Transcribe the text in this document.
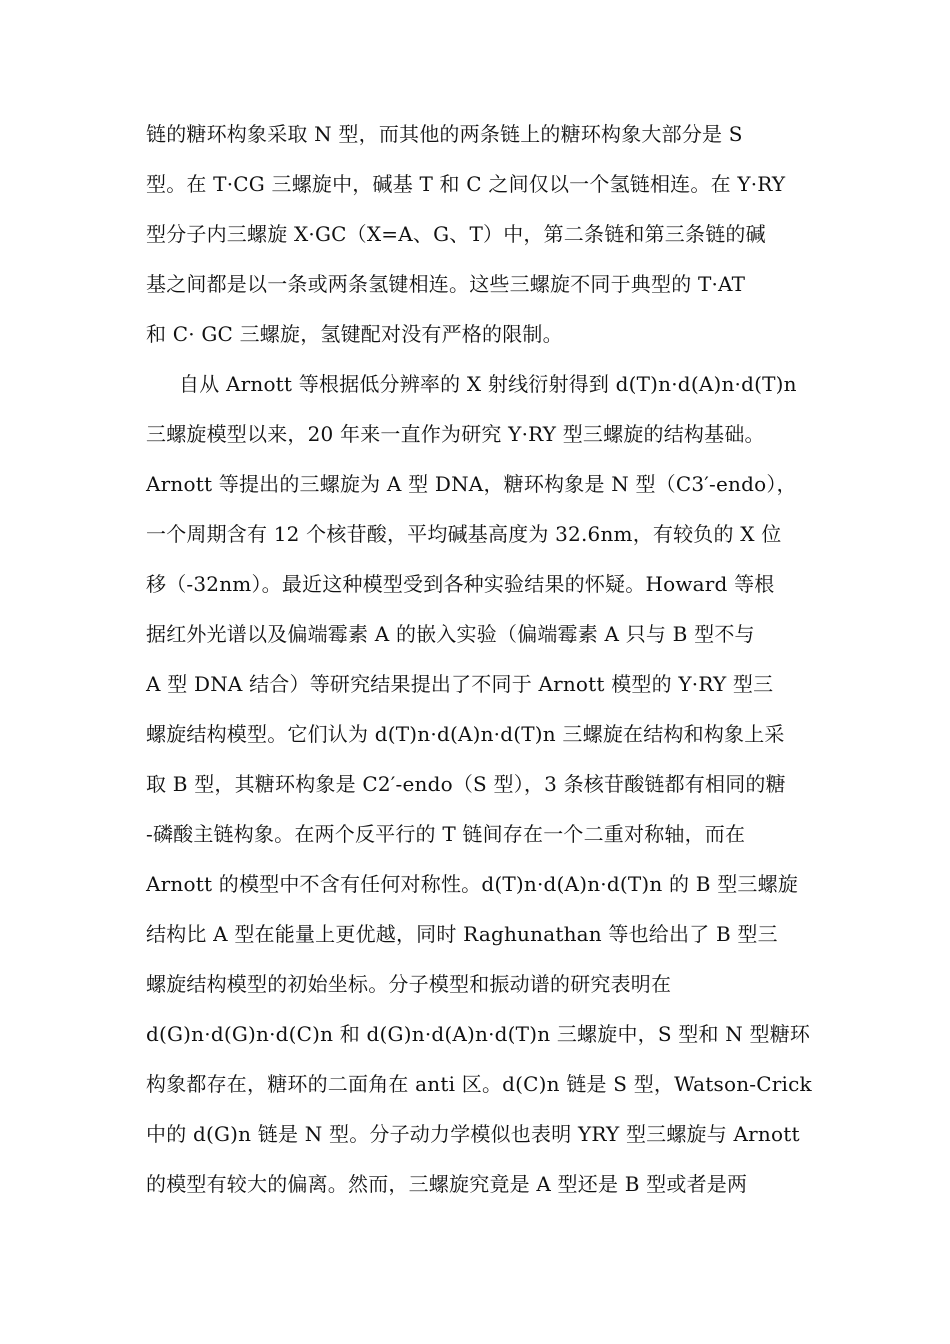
链的糖环构象采取 N 型，而其他的两条链上的糖环构象大部分是 S
型。在 T·CG 三螺旋中，碱基 T 和 C 之间仅以一个氢链相连。在 Y·RY
型分子内三螺旋 X·GC（X=A、G、T）中，第二条链和第三条链的碱
基之间都是以一条或两条氢键相连。这些三螺旋不同于典型的 T·AT
和 C· GC 三螺旋，氢键配对没有严格的限制。
自从 Arnott 等根据低分辨率的 X 射线衍射得到 d(T)n·d(A)n·d(T)n
三螺旋模型以来，20 年来一直作为研究 Y·RY 型三螺旋的结构基础。
Arnott 等提出的三螺旋为 A 型 DNA，糖环构象是 N 型（C3′-endo），
一个周期含有 12 个核苷酸，平均碱基高度为 32.6nm，有较负的 X 位
移（-32nm）。最近这种模型受到各种实验结果的怀疑。Howard 等根
据红外光谱以及偏端霉素 A 的嵌入实验（偏端霉素 A 只与 B 型不与
A 型 DNA 结合）等研究结果提出了不同于 Arnott 模型的 Y·RY 型三
螺旋结构模型。它们认为 d(T)n·d(A)n·d(T)n 三螺旋在结构和构象上采
取 B 型，其糖环构象是 C2′-endo（S 型），3 条核苷酸链都有相同的糖
-磷酸主链构象。在两个反平行的 T 链间存在一个二重对称轴，而在
Arnott 的模型中不含有任何对称性。d(T)n·d(A)n·d(T)n 的 B 型三螺旋
结构比 A 型在能量上更优越，同时 Raghunathan 等也给出了 B 型三
螺旋结构模型的初始坐标。分子模型和振动谱的研究表明在
d(G)n·d(G)n·d(C)n 和 d(G)n·d(A)n·d(T)n 三螺旋中，S 型和 N 型糖环
构象都存在，糖环的二面角在 anti 区。d(C)n 链是 S 型，Watson-Crick
中的 d(G)n 链是 N 型。分子动力学模似也表明 YRY 型三螺旋与 Arnott
的模型有较大的偏离。然而，三螺旋究竟是 A 型还是 B 型或者是两
